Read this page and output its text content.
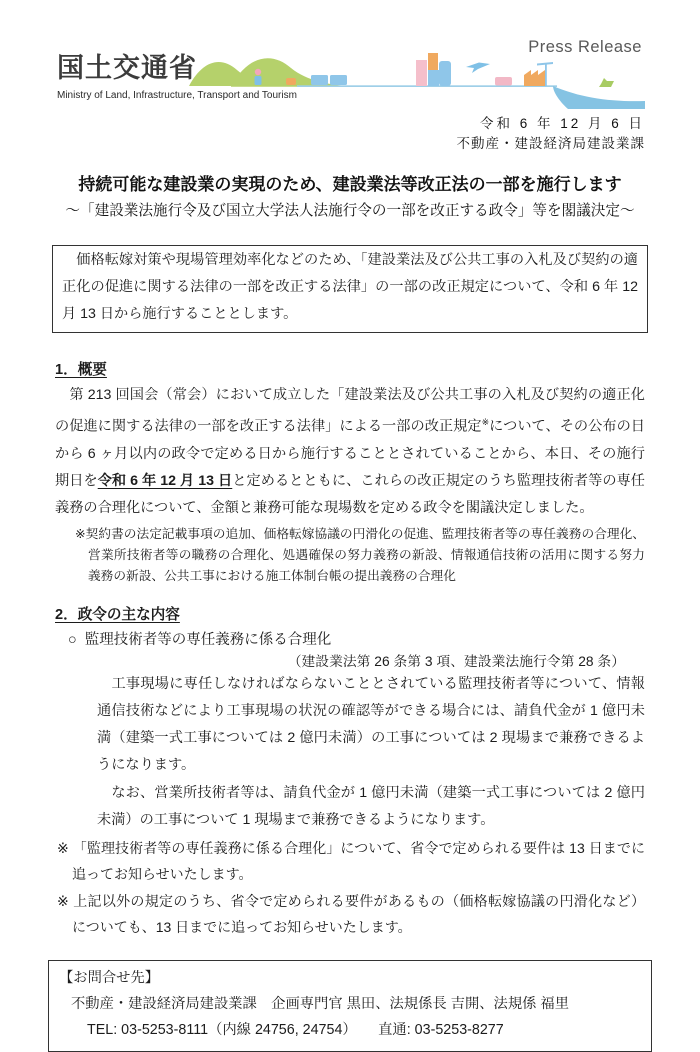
国土交通省
Ministry of Land, Infrastructure, Transport and Tourism
Press Release
令和 6 年 12 月 6 日
不動産・建設経済局建設業課
持続可能な建設業の実現のため、建設業法等改正法の一部を施行します
～「建設業法施行令及び国立大学法人法施行令の一部を改正する政令」等を閣議決定～
　価格転嫁対策や現場管理効率化などのため、「建設業法及び公共工事の入札及び契約の適正化の促進に関する法律の一部を改正する法律」の一部の改正規定について、令和 6 年 12 月 13 日から施行することとします。
1．概要
　第 213 回国会（常会）において成立した「建設業法及び公共工事の入札及び契約の適正化の促進に関する法律の一部を改正する法律」による一部の改正規定※について、その公布の日から 6 ヶ月以内の政令で定める日から施行することとされていることから、本日、その施行期日を令和 6 年 12 月 13 日と定めるとともに、これらの改正規定のうち監理技術者等の専任義務の合理化について、金額と兼務可能な現場数を定める政令を閣議決定しました。
※契約書の法定記載事項の追加、価格転嫁協議の円滑化の促進、監理技術者等の専任義務の合理化、営業所技術者等の職務の合理化、処遇確保の努力義務の新設、情報通信技術の活用に関する努力義務の新設、公共工事における施工体制台帳の提出義務の合理化
2．政令の主な内容
○ 監理技術者等の専任義務に係る合理化
（建設業法第 26 条第 3 項、建設業法施行令第 28 条）
　工事現場に専任しなければならないこととされている監理技術者等について、情報通信技術などにより工事現場の状況の確認等ができる場合には、請負代金が 1 億円未満（建築一式工事については 2 億円未満）の工事については 2 現場まで兼務できるようになります。
　なお、営業所技術者等は、請負代金が 1 億円未満（建築一式工事については 2 億円未満）の工事について 1 現場まで兼務できるようになります。
※ 「監理技術者等の専任義務に係る合理化」について、省令で定められる要件は 13 日までに追ってお知らせいたします。
※ 上記以外の規定のうち、省令で定められる要件があるもの（価格転嫁協議の円滑化など）についても、13 日までに追ってお知らせいたします。
【お問合せ先】
不動産・建設経済局建設業課　企画専門官 黒田、法規係長 吉開、法規係 福里
TEL: 03-5253-8111（内線 24756, 24754）　　直通: 03-5253-8277
